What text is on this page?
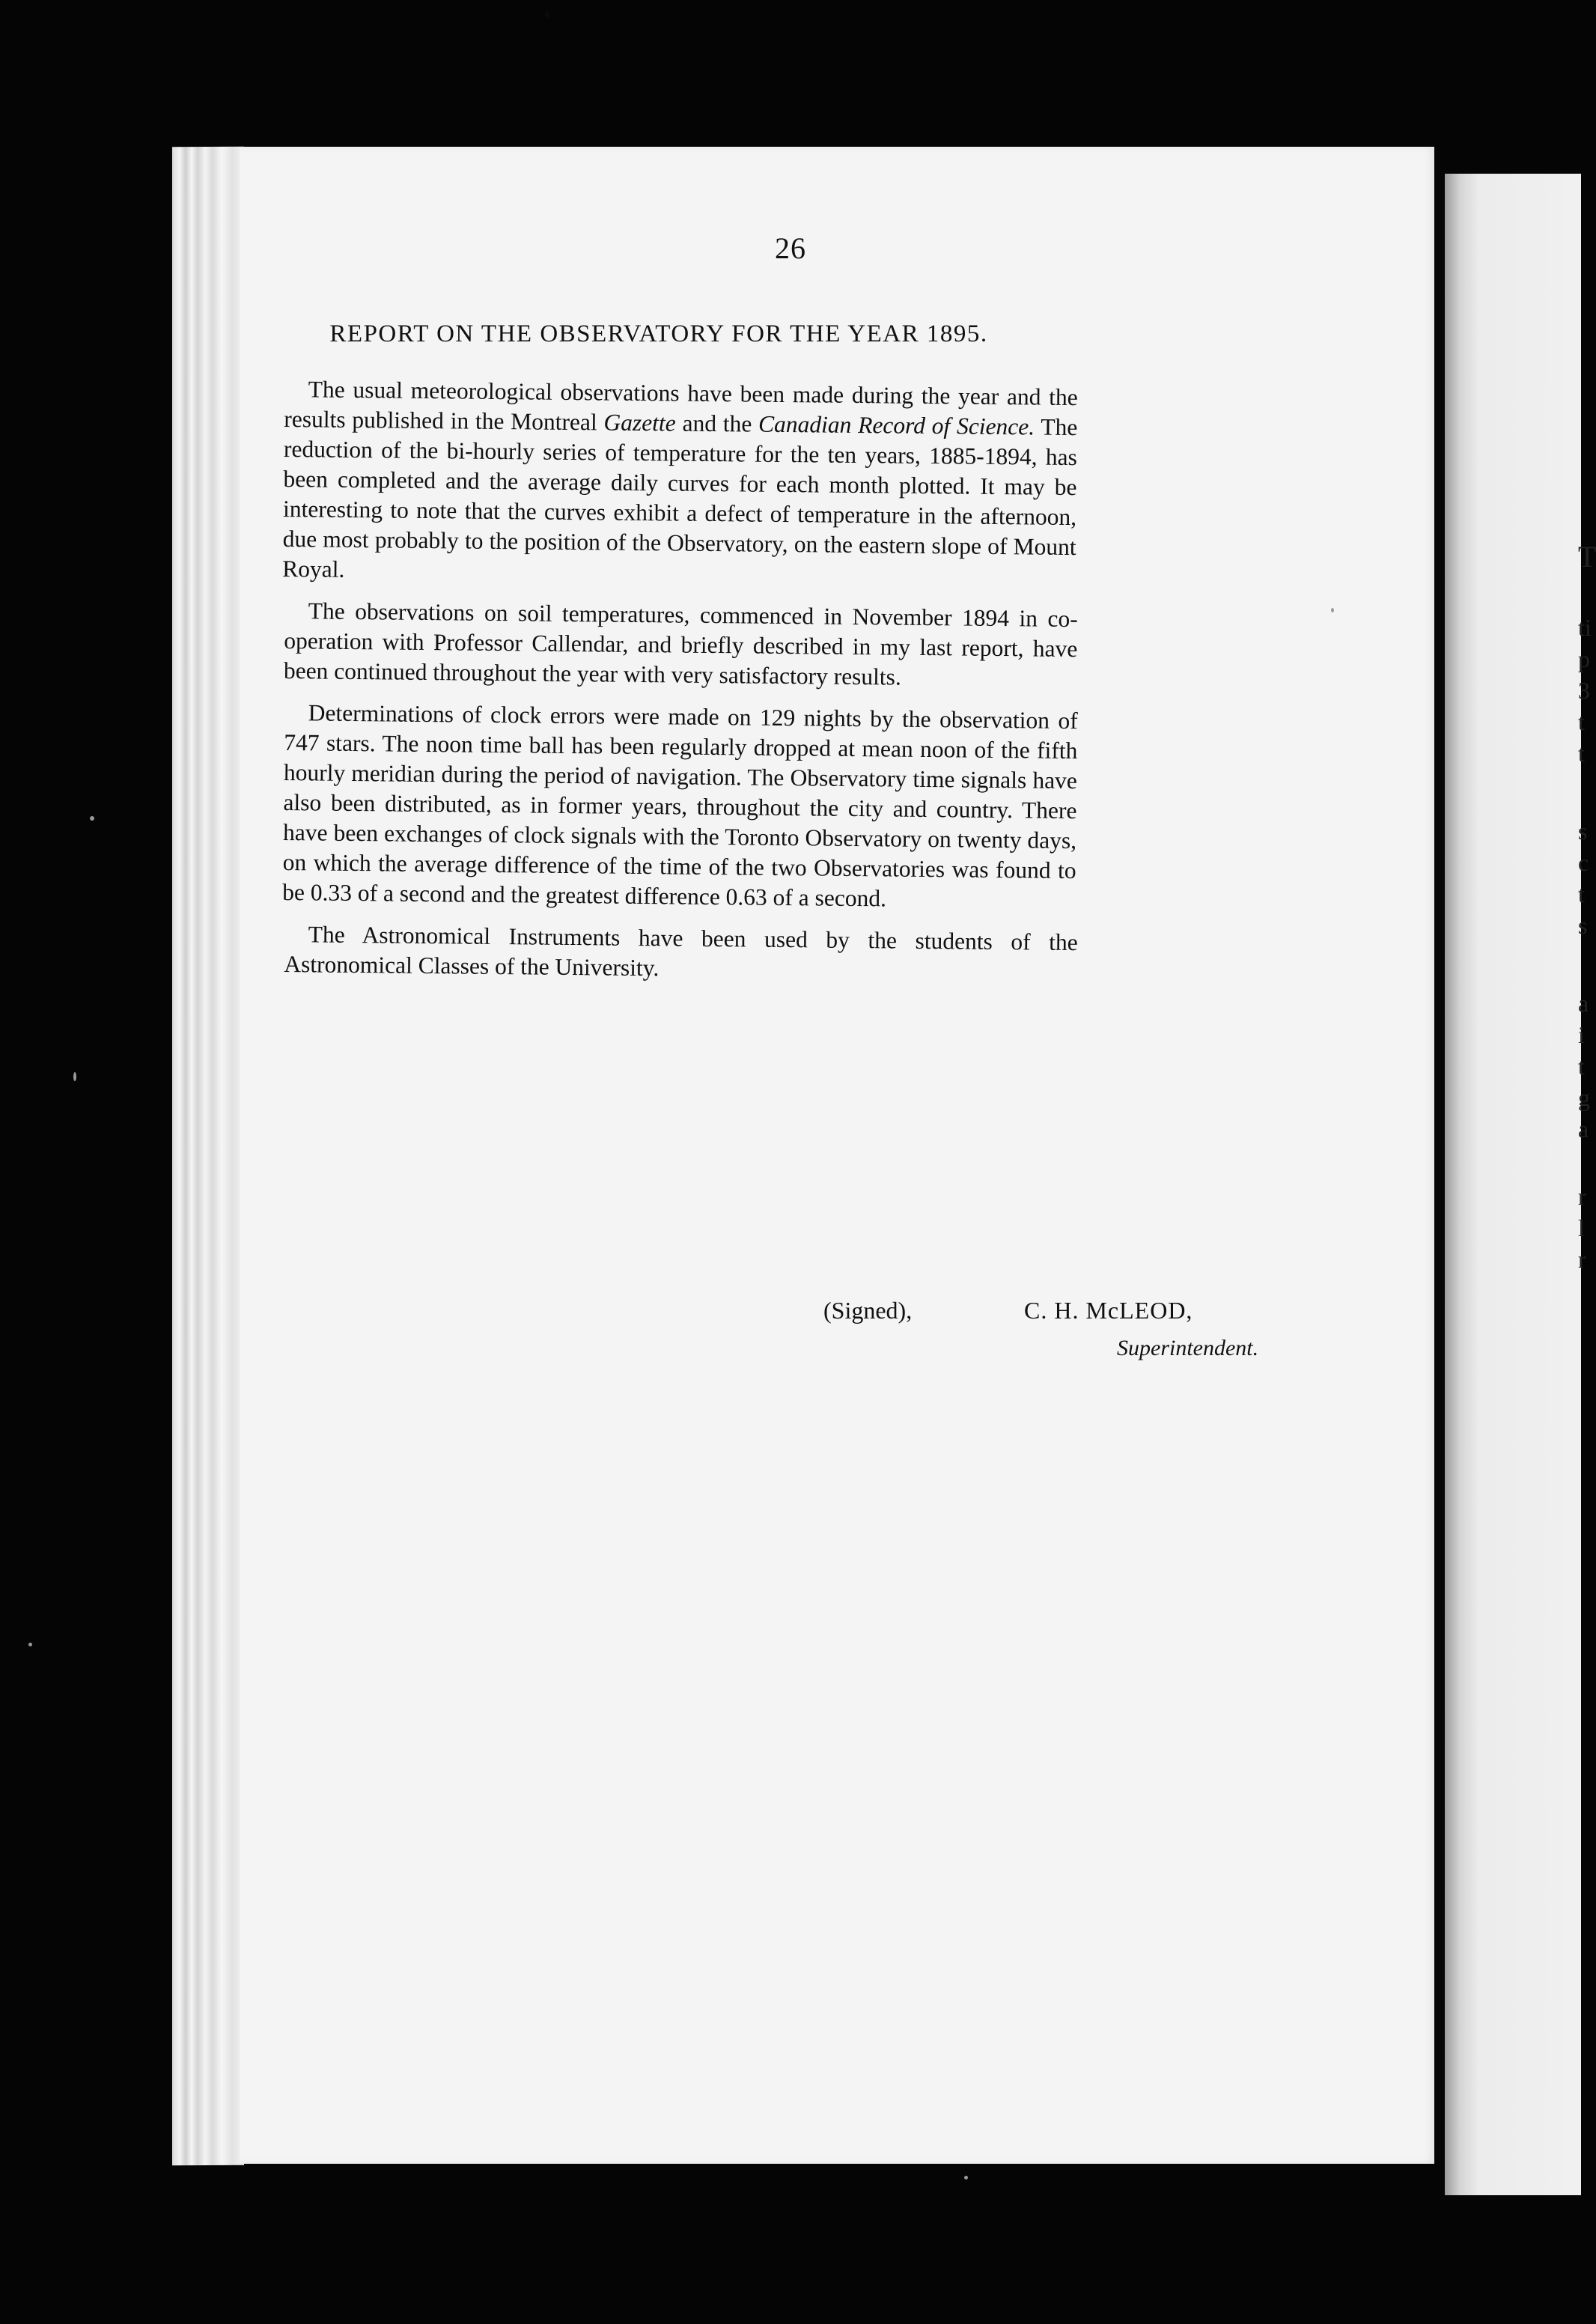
T
ti
p
3
t
t
s
c
t
s
a
i
t
g
a
r
l
r
26
REPORT ON THE OBSERVATORY FOR THE YEAR 1895.

The usual meteorological observations have been made during the year and the results published in the Montreal Gazette and the Canadian Record of Science. The reduction of the bi-hourly series of temperature for the ten years, 1885-1894, has been completed and the average daily curves for each month plotted. It may be interesting to note that the curves exhibit a defect of temperature in the afternoon, due most probably to the position of the Observatory, on the eastern slope of Mount Royal.

The observations on soil temperatures, commenced in November 1894 in co-operation with Professor Callendar, and briefly described in my last report, have been continued throughout the year with very satisfactory results.

Determinations of clock errors were made on 129 nights by the observation of 747 stars. The noon time ball has been regularly dropped at mean noon of the fifth hourly meridian during the period of navigation. The Observatory time signals have also been distributed, as in former years, throughout the city and country. There have been exchanges of clock signals with the Toronto Observatory on twenty days, on which the average difference of the time of the two Observatories was found to be 0.33 of a second and the greatest difference 0.63 of a second.

The Astronomical Instruments have been used by the students of the Astronomical Classes of the University.

(Signed),	C. H. McLEOD,
Superintendent.
